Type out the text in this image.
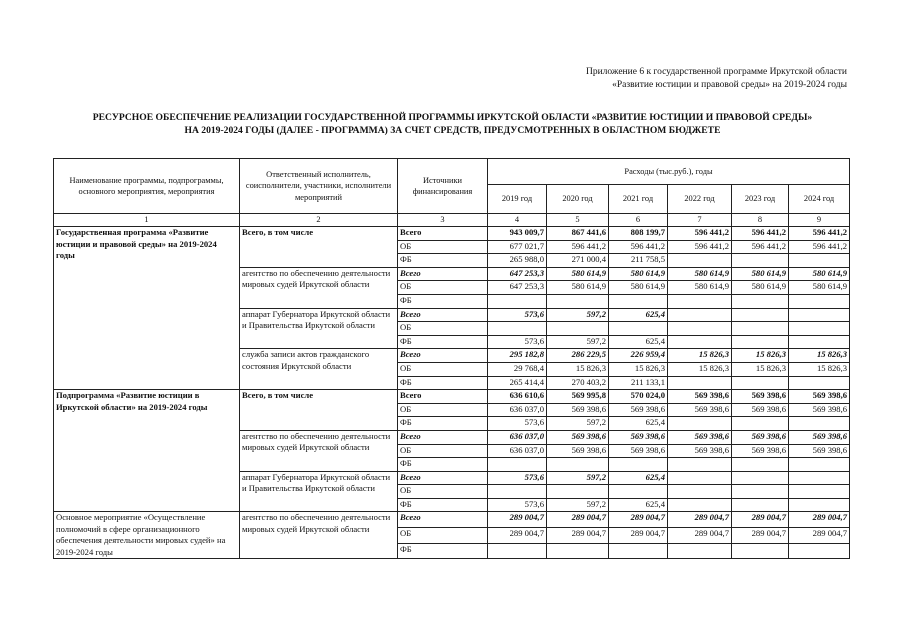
Приложение 6 к государственной программе Иркутской области
«Развитие юстиции и правовой среды» на 2019-2024 годы
РЕСУРСНОЕ ОБЕСПЕЧЕНИЕ РЕАЛИЗАЦИИ ГОСУДАРСТВЕННОЙ ПРОГРАММЫ ИРКУТСКОЙ ОБЛАСТИ «РАЗВИТИЕ ЮСТИЦИИ И ПРАВОВОЙ СРЕДЫ»
НА 2019-2024 ГОДЫ (ДАЛЕЕ - ПРОГРАММА) ЗА СЧЕТ СРЕДСТВ, ПРЕДУСМОТРЕННЫХ В ОБЛАСТНОМ БЮДЖЕТЕ
Наименование программы, подпрограммы, основного мероприятия, мероприятия	Ответственный исполнитель, соисполнители, участники, исполнители мероприятий	Источники финансирования	Расходы (тыс.руб.), годы					
			2019 год	2020 год	2021 год	2022 год	2023 год	2024 год
1	2	3	4	5	6	7	8	9
Государственная программа «Развитие юстиции и правовой среды» на 2019-2024 годы	Всего, в том числе	Всего	943 009,7	867 441,6	808 199,7	596 441,2	596 441,2	596 441,2
		ОБ	677 021,7	596 441,2	596 441,2	596 441,2	596 441,2	596 441,2
		ФБ	265 988,0	271 000,4	211 758,5			
	агентство по обеспечению деятельности мировых судей Иркутской области	Всего	647 253,3	580 614,9	580 614,9	580 614,9	580 614,9	580 614,9
		ОБ	647 253,3	580 614,9	580 614,9	580 614,9	580 614,9	580 614,9
		ФБ						
	аппарат Губернатора Иркутской области и Правительства Иркутской области	Всего	573,6	597,2	625,4			
		ОБ						
		ФБ	573,6	597,2	625,4			
	служба записи актов гражданского состояния Иркутской области	Всего	295 182,8	286 229,5	226 959,4	15 826,3	15 826,3	15 826,3
		ОБ	29 768,4	15 826,3	15 826,3	15 826,3	15 826,3	15 826,3
		ФБ	265 414,4	270 403,2	211 133,1			
Подпрограмма «Развитие юстиции в Иркутской области» на 2019-2024 годы	Всего, в том числе	Всего	636 610,6	569 995,8	570 024,0	569 398,6	569 398,6	569 398,6
		ОБ	636 037,0	569 398,6	569 398,6	569 398,6	569 398,6	569 398,6
		ФБ	573,6	597,2	625,4			
	агентство по обеспечению деятельности мировых судей Иркутской области	Всего	636 037,0	569 398,6	569 398,6	569 398,6	569 398,6	569 398,6
		ОБ	636 037,0	569 398,6	569 398,6	569 398,6	569 398,6	569 398,6
		ФБ						
	аппарат Губернатора Иркутской области и Правительства Иркутской области	Всего	573,6	597,2	625,4			
		ОБ						
		ФБ	573,6	597,2	625,4			
Основное мероприятие «Осуществление полномочий в сфере организационного обеспечения деятельности мировых судей» на 2019-2024 годы	агентство по обеспечению деятельности мировых судей Иркутской области	Всего	289 004,7	289 004,7	289 004,7	289 004,7	289 004,7	289 004,7
		ОБ	289 004,7	289 004,7	289 004,7	289 004,7	289 004,7	289 004,7
		ФБ						
